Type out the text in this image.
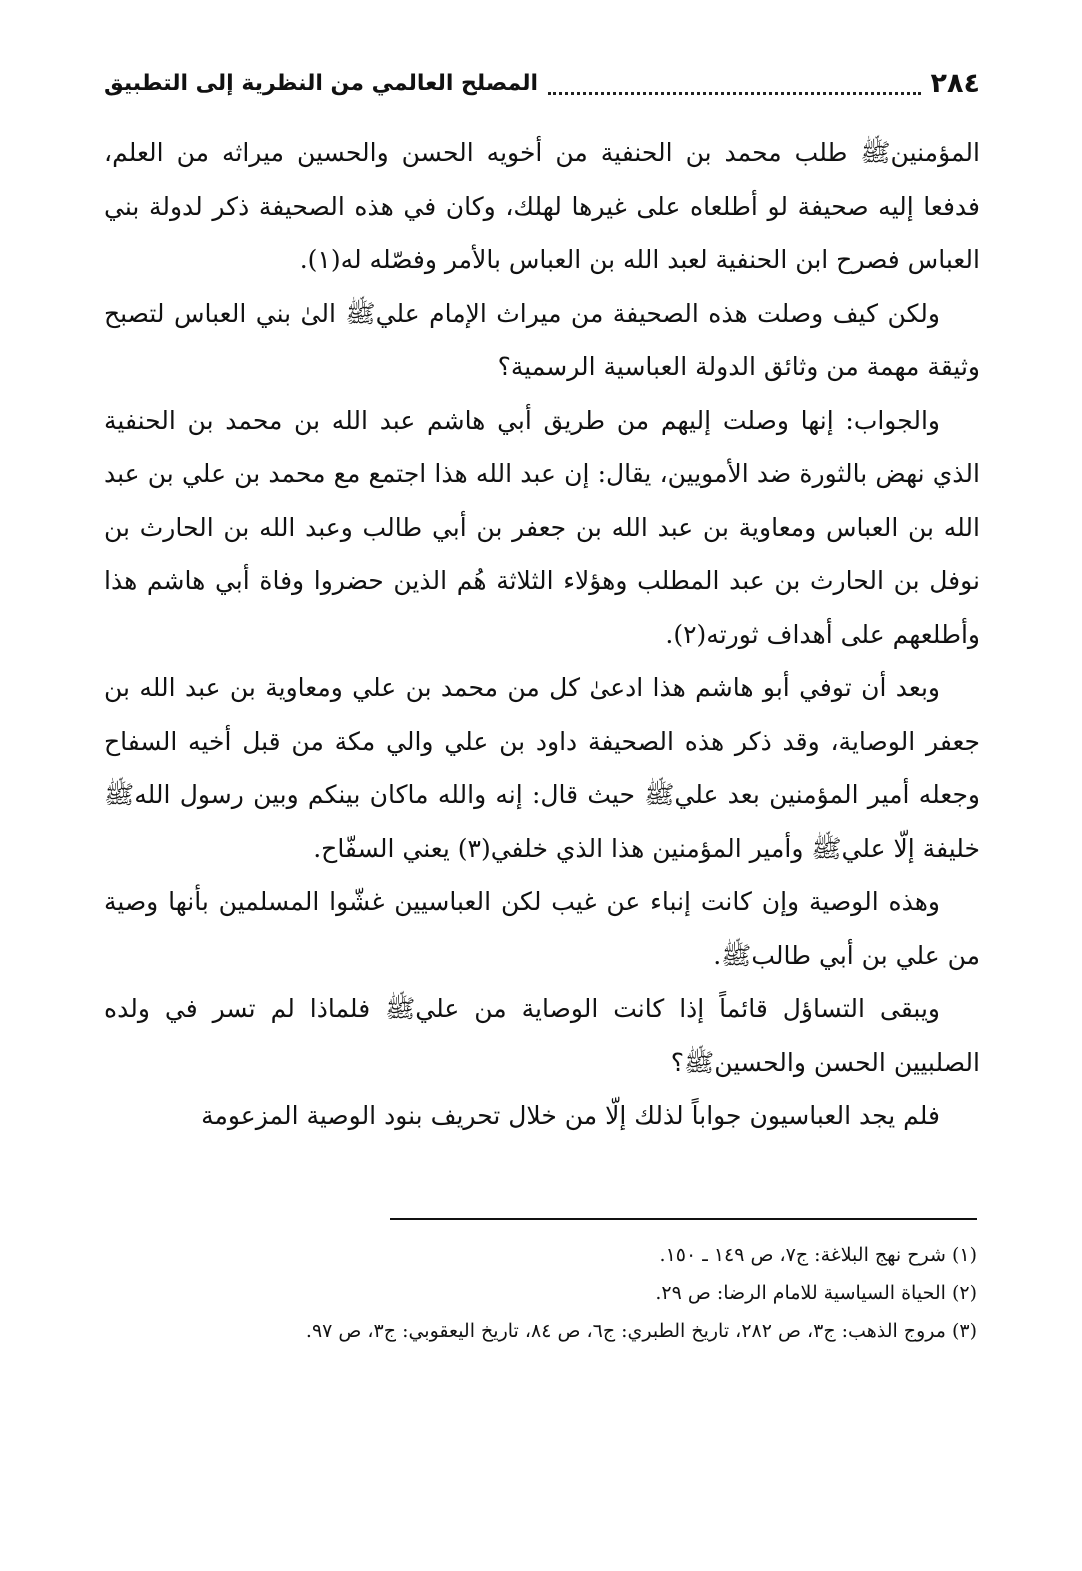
٢٨٤
المصلح العالمي من النظرية إلى التطبيق

المؤمنينﷺ طلب محمد بن الحنفية من أخويه الحسن والحسين ميراثه من العلم، فدفعا إليه صحيفة لو أطلعاه على غيرها لهلك، وكان في هذه الصحيفة ذكر لدولة بني العباس فصرح ابن الحنفية لعبد الله بن العباس بالأمر وفصّله له(١).

ولكن كيف وصلت هذه الصحيفة من ميراث الإمام عليﷺ الىٰ بني العباس لتصبح وثيقة مهمة من وثائق الدولة العباسية الرسمية؟

والجواب: إنها وصلت إليهم من طريق أبي هاشم عبد الله بن محمد بن الحنفية الذي نهض بالثورة ضد الأمويين، يقال: إن عبد الله هذا اجتمع مع محمد بن علي بن عبد الله بن العباس ومعاوية بن عبد الله بن جعفر بن أبي طالب وعبد الله بن الحارث بن نوفل بن الحارث بن عبد المطلب وهؤلاء الثلاثة هُم الذين حضروا وفاة أبي هاشم هذا وأطلعهم على أهداف ثورته(٢).

وبعد أن توفي أبو هاشم هذا ادعىٰ كل من محمد بن علي ومعاوية بن عبد الله بن جعفر الوصاية، وقد ذكر هذه الصحيفة داود بن علي والي مكة من قبل أخيه السفاح وجعله أمير المؤمنين بعد عليﷺ حيث قال: إنه والله ماكان بينكم وبين رسول اللهﷺ خليفة إلّا عليﷺ وأمير المؤمنين هذا الذي خلفي(٣) يعني السفّاح.

وهذه الوصية وإن كانت إنباء عن غيب لكن العباسيين غشّوا المسلمين بأنها وصية من علي بن أبي طالبﷺ.

ويبقى التساؤل قائماً إذا كانت الوصاية من عليﷺ فلماذا لم تسر في ولده الصلبيين الحسن والحسينﷺ؟

فلم يجد العباسيون جواباً لذلك إلّا من خلال تحريف بنود الوصية المزعومة

(١) شرح نهج البلاغة: ج٧، ص ١٤٩ ـ ١٥٠.

(٢) الحياة السياسية للامام الرضا: ص ٢٩.

(٣) مروج الذهب: ج٣، ص ٢٨٢، تاريخ الطبري: ج٦، ص ٨٤، تاريخ اليعقوبي: ج٣، ص ٩٧.
